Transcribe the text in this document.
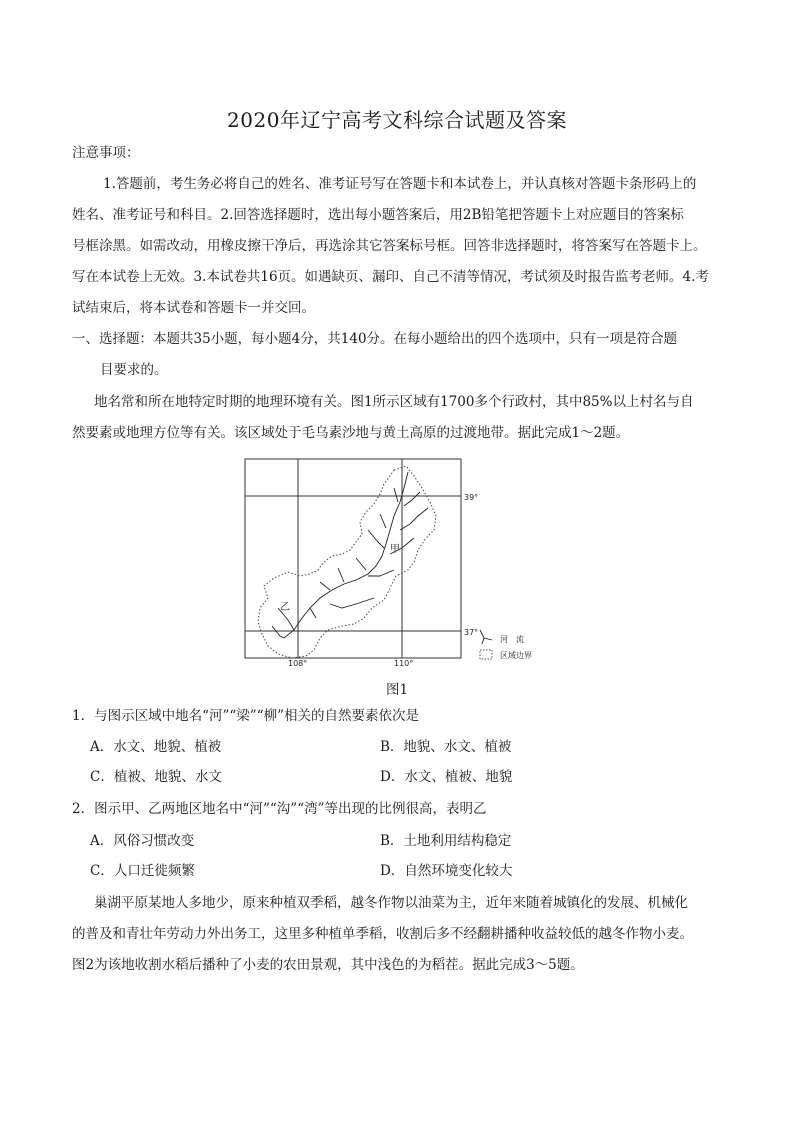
2020年辽宁高考文科综合试题及答案
注意事项：
1.答题前，考生务必将自己的姓名、准考证号写在答题卡和本试卷上，并认真核对答题卡条形码上的
姓名、准考证号和科目。2.回答选择题时，选出每小题答案后，用2B铅笔把答题卡上对应题目的答案标
号框涂黑。如需改动，用橡皮擦干净后，再选涂其它答案标号框。回答非选择题时，将答案写在答题卡上。
写在本试卷上无效。3.本试卷共16页。如遇缺页、漏印、自己不清等情况，考试须及时报告监考老师。4.考
试结束后，将本试卷和答题卡一并交回。
一、选择题：本题共35小题，每小题4分，共140分。在每小题给出的四个选项中，只有一项是符合题
目要求的。
地名常和所在地特定时期的地理环境有关。图1所示区域有1700多个行政村，其中85%以上村名与自
然要素或地理方位等有关。该区域处于毛乌素沙地与黄土高原的过渡地带。据此完成1～2题。
甲
乙
39°
37°
108°	110°
河　流
区域边界
图1
1．与图示区域中地名“河”“梁”“柳”相关的自然要素依次是
A．水文、地貌、植被	B．地貌、水文、植被
C．植被、地貌、水文	D．水文、植被、地貌
2．图示甲、乙两地区地名中“河”“沟”“湾”等出现的比例很高，表明乙
A．风俗习惯改变	B．土地利用结构稳定
C．人口迁徙频繁	D．自然环境变化较大
巢湖平原某地人多地少，原来种植双季稻，越冬作物以油菜为主，近年来随着城镇化的发展、机械化
的普及和青壮年劳动力外出务工，这里多种植单季稻，收割后多不经翻耕播种收益较低的越冬作物小麦。
图2为该地收割水稻后播种了小麦的农田景观，其中浅色的为稻茬。据此完成3～5题。
